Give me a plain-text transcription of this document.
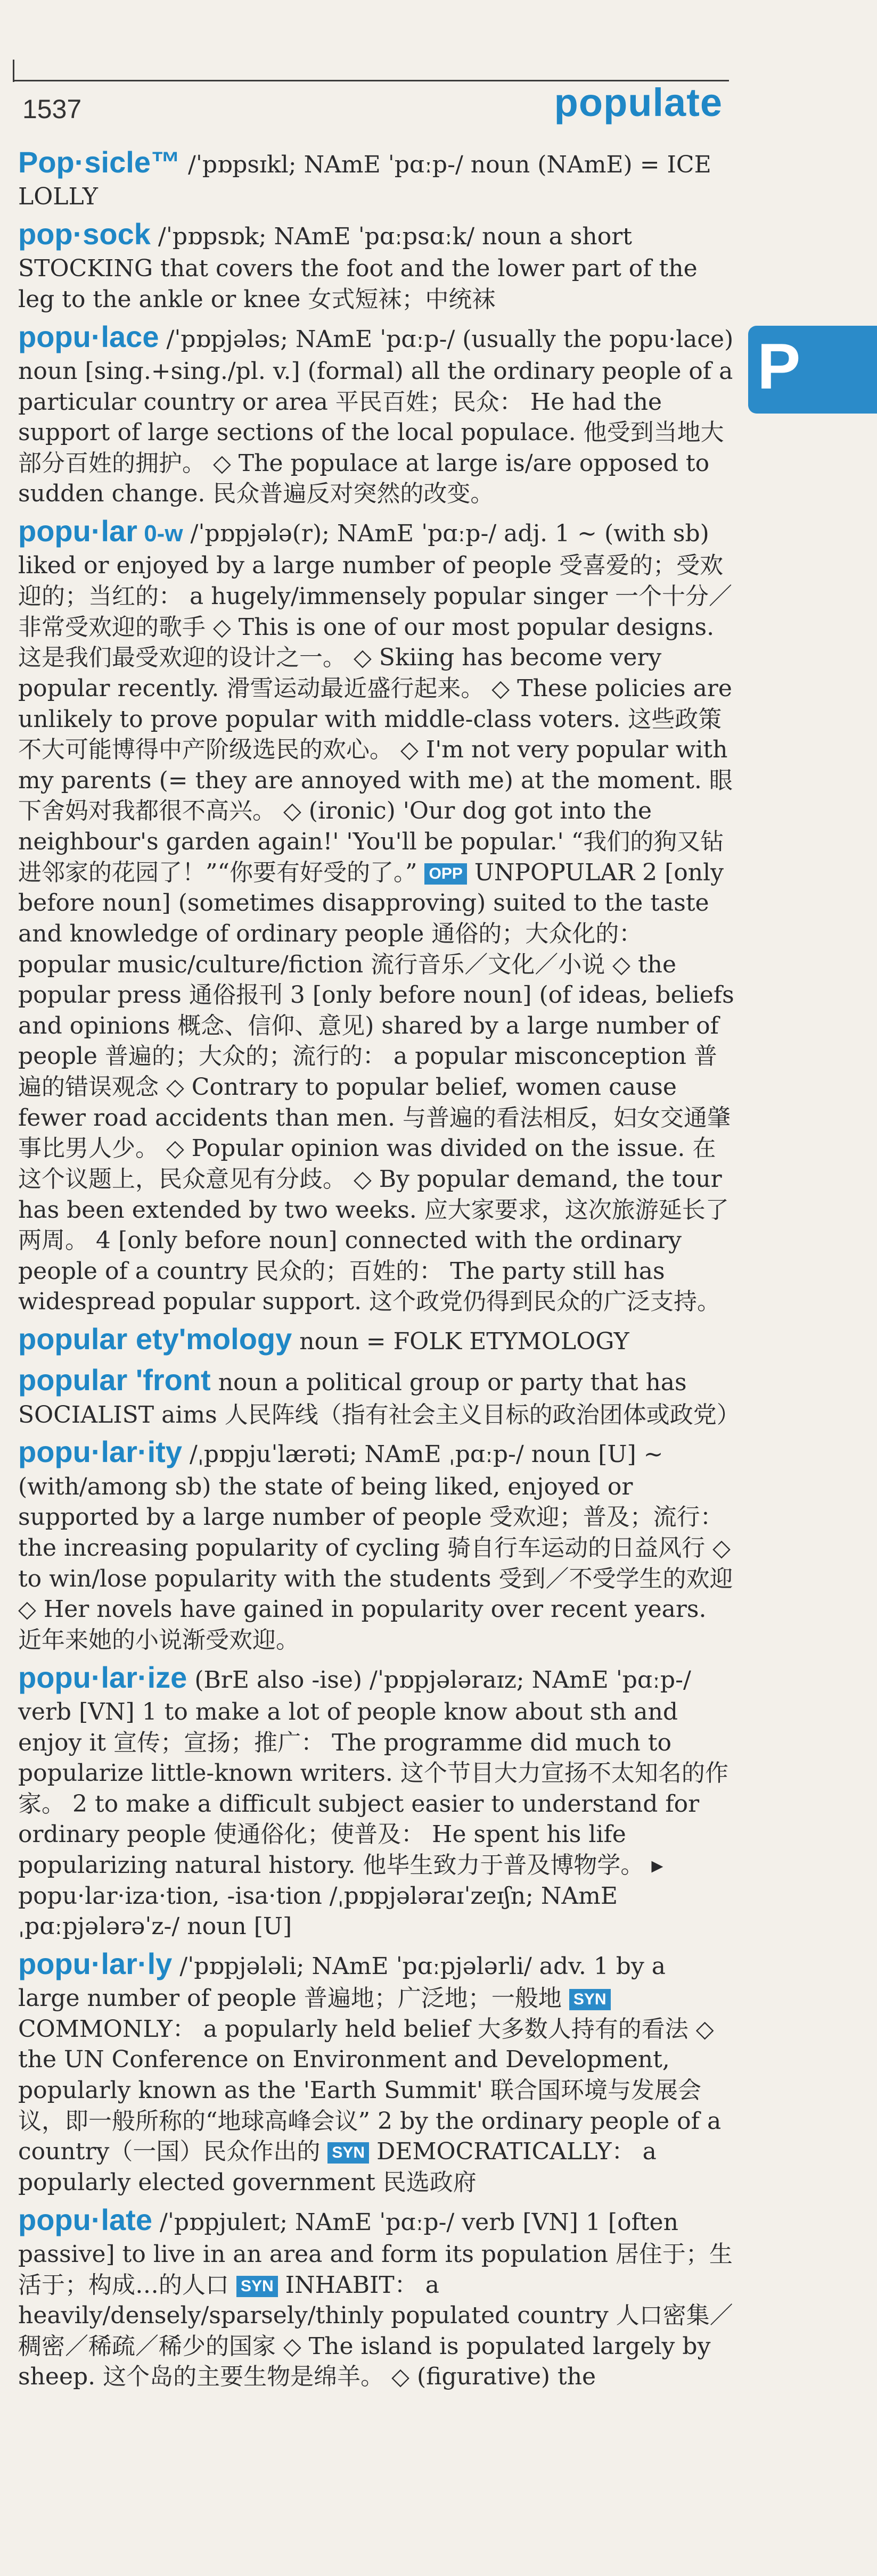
1537	populate
P
Pop·sicle™ /ˈpɒpsɪkl; NAmE ˈpɑːp-/ noun (NAmE) = ICE LOLLY
pop·sock /ˈpɒpsɒk; NAmE ˈpɑːpsɑːk/ noun a short STOCKING that covers the foot and the lower part of the leg to the ankle or knee 女式短袜；中统袜
popu·lace /ˈpɒpjələs; NAmE ˈpɑːp-/ (usually the popu·lace) noun [sing.+sing./pl. v.] (formal) all the ordinary people of a particular country or area 平民百姓；民众： He had the support of large sections of the local populace. 他受到当地大部分百姓的拥护。 ◇ The populace at large is/are opposed to sudden change. 民众普遍反对突然的改变。
popu·lar 0-w /ˈpɒpjələ(r); NAmE ˈpɑːp-/ adj. 1 ~ (with sb) liked or enjoyed by a large number of people 受喜爱的；受欢迎的；当红的： a hugely/immensely popular singer 一个十分／非常受欢迎的歌手 ◇ This is one of our most popular designs. 这是我们最受欢迎的设计之一。 ◇ Skiing has become very popular recently. 滑雪运动最近盛行起来。 ◇ These policies are unlikely to prove popular with middle-class voters. 这些政策不大可能博得中产阶级选民的欢心。 ◇ I'm not very popular with my parents (= they are annoyed with me) at the moment. 眼下舍妈对我都很不高兴。 ◇ (ironic) 'Our dog got into the neighbour's garden again!' 'You'll be popular.' “我们的狗又钻进邻家的花园了！”“你要有好受的了。” OPP UNPOPULAR 2 [only before noun] (sometimes disapproving) suited to the taste and knowledge of ordinary people 通俗的；大众化的： popular music/culture/fiction 流行音乐／文化／小说 ◇ the popular press 通俗报刊 3 [only before noun] (of ideas, beliefs and opinions 概念、信仰、意见) shared by a large number of people 普遍的；大众的；流行的： a popular misconception 普遍的错误观念 ◇ Contrary to popular belief, women cause fewer road accidents than men. 与普遍的看法相反，妇女交通肇事比男人少。 ◇ Popular opinion was divided on the issue. 在这个议题上，民众意见有分歧。 ◇ By popular demand, the tour has been extended by two weeks. 应大家要求，这次旅游延长了两周。 4 [only before noun] connected with the ordinary people of a country 民众的；百姓的： The party still has widespread popular support. 这个政党仍得到民众的广泛支持。
popular ety'mology noun = FOLK ETYMOLOGY
popular 'front noun a political group or party that has SOCIALIST aims 人民阵线（指有社会主义目标的政治团体或政党）
popu·lar·ity /ˌpɒpjuˈlærəti; NAmE ˌpɑːp-/ noun [U] ~ (with/among sb) the state of being liked, enjoyed or supported by a large number of people 受欢迎；普及；流行： the increasing popularity of cycling 骑自行车运动的日益风行 ◇ to win/lose popularity with the students 受到／不受学生的欢迎 ◇ Her novels have gained in popularity over recent years. 近年来她的小说渐受欢迎。
popu·lar·ize (BrE also -ise) /ˈpɒpjələraɪz; NAmE ˈpɑːp-/ verb [VN] 1 to make a lot of people know about sth and enjoy it 宣传；宣扬；推广： The programme did much to popularize little-known writers. 这个节目大力宣扬不太知名的作家。 2 to make a difficult subject easier to understand for ordinary people 使通俗化；使普及： He spent his life popularizing natural history. 他毕生致力于普及博物学。 ▸ popu·lar·iza·tion, -isa·tion /ˌpɒpjələraɪˈzeɪʃn; NAmE ˌpɑːpjələrəˈz-/ noun [U]
popu·lar·ly /ˈpɒpjələli; NAmE ˈpɑːpjələrli/ adv. 1 by a large number of people 普遍地；广泛地；一般地 SYN COMMONLY： a popularly held belief 大多数人持有的看法 ◇ the UN Conference on Environment and Development, popularly known as the 'Earth Summit' 联合国环境与发展会议，即一般所称的“地球高峰会议” 2 by the ordinary people of a country（一国）民众作出的 SYN DEMOCRATICALLY： a popularly elected government 民选政府
popu·late /ˈpɒpjuleɪt; NAmE ˈpɑːp-/ verb [VN] 1 [often passive] to live in an area and form its population 居住于；生活于；构成…的人口 SYN INHABIT： a heavily/densely/sparsely/thinly populated country 人口密集／稠密／稀疏／稀少的国家 ◇ The island is populated largely by sheep. 这个岛的主要生物是绵羊。 ◇ (figurative) the
